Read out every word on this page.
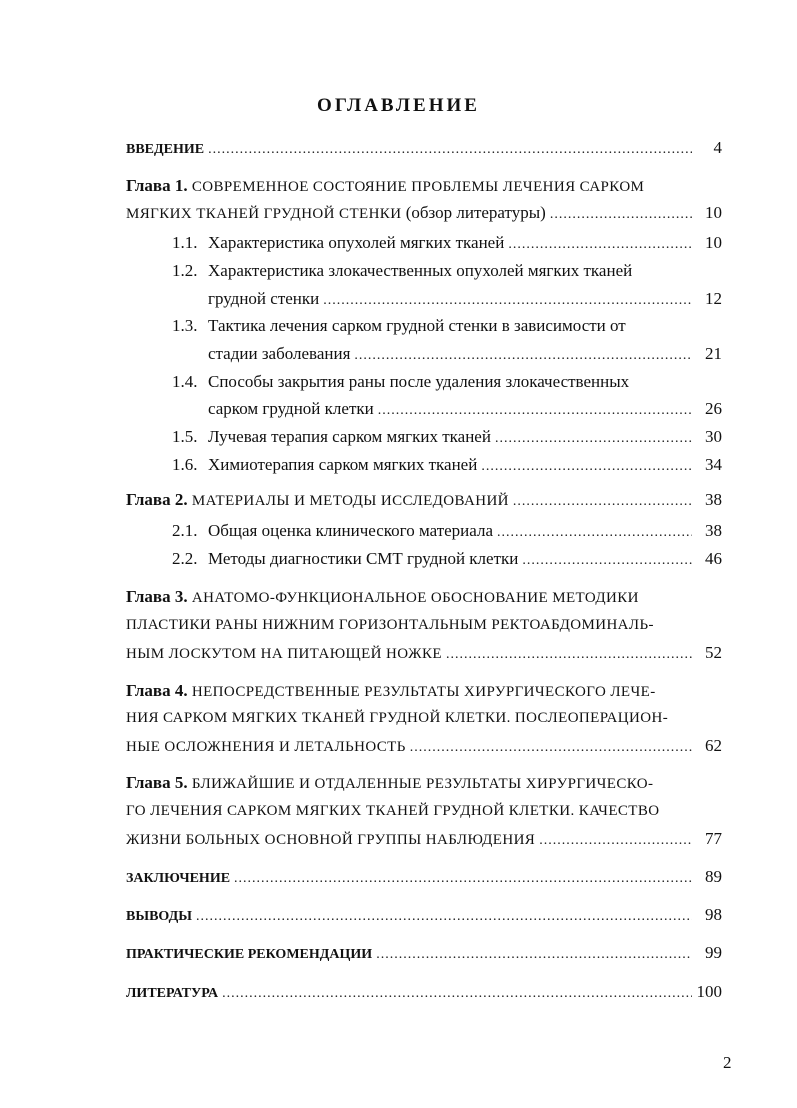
ОГЛАВЛЕНИЕ
ВВЕДЕНИЕ .....	4
Глава 1. СОВРЕМЕННОЕ СОСТОЯНИЕ ПРОБЛЕМЫ ЛЕЧЕНИЯ САРКОМ
МЯГКИХ ТКАНЕЙ ГРУДНОЙ СТЕНКИ (обзор литературы) .....	10
1.1. Характеристика опухолей мягких тканей .....	10
1.2. Характеристика злокачественных опухолей мягких тканей
грудной стенки .....	12
1.3. Тактика лечения сарком грудной стенки в зависимости от
стадии заболевания .....	21
1.4. Способы закрытия раны после удаления злокачественных
сарком грудной клетки .....	26
1.5. Лучевая терапия сарком мягких тканей .....	30
1.6. Химиотерапия сарком мягких тканей .....	34
Глава 2. МАТЕРИАЛЫ И МЕТОДЫ ИССЛЕДОВАНИЙ .....	38
2.1. Общая оценка клинического материала .....	38
2.2. Методы диагностики СМТ грудной клетки .....	46
Глава 3. АНАТОМО-ФУНКЦИОНАЛЬНОЕ ОБОСНОВАНИЕ МЕТОДИКИ
ПЛАСТИКИ РАНЫ НИЖНИМ ГОРИЗОНТАЛЬНЫМ РЕКТОАБДОМИНАЛЬ-
НЫМ ЛОСКУТОМ НА ПИТАЮЩЕЙ НОЖКЕ .....	52
Глава 4. НЕПОСРЕДСТВЕННЫЕ РЕЗУЛЬТАТЫ ХИРУРГИЧЕСКОГО ЛЕЧЕ-
НИЯ САРКОМ МЯГКИХ ТКАНЕЙ ГРУДНОЙ КЛЕТКИ. ПОСЛЕОПЕРАЦИОН-
НЫЕ ОСЛОЖНЕНИЯ И ЛЕТАЛЬНОСТЬ .....	62
Глава 5. БЛИЖАЙШИЕ И ОТДАЛЕННЫЕ РЕЗУЛЬТАТЫ ХИРУРГИЧЕСКО-
ГО ЛЕЧЕНИЯ САРКОМ МЯГКИХ ТКАНЕЙ ГРУДНОЙ КЛЕТКИ. КАЧЕСТВО
ЖИЗНИ БОЛЬНЫХ ОСНОВНОЙ ГРУППЫ НАБЛЮДЕНИЯ .....	77
ЗАКЛЮЧЕНИЕ .....	89
ВЫВОДЫ .....	98
ПРАКТИЧЕСКИЕ РЕКОМЕНДАЦИИ .....	99
ЛИТЕРАТУРА .....	100
2
